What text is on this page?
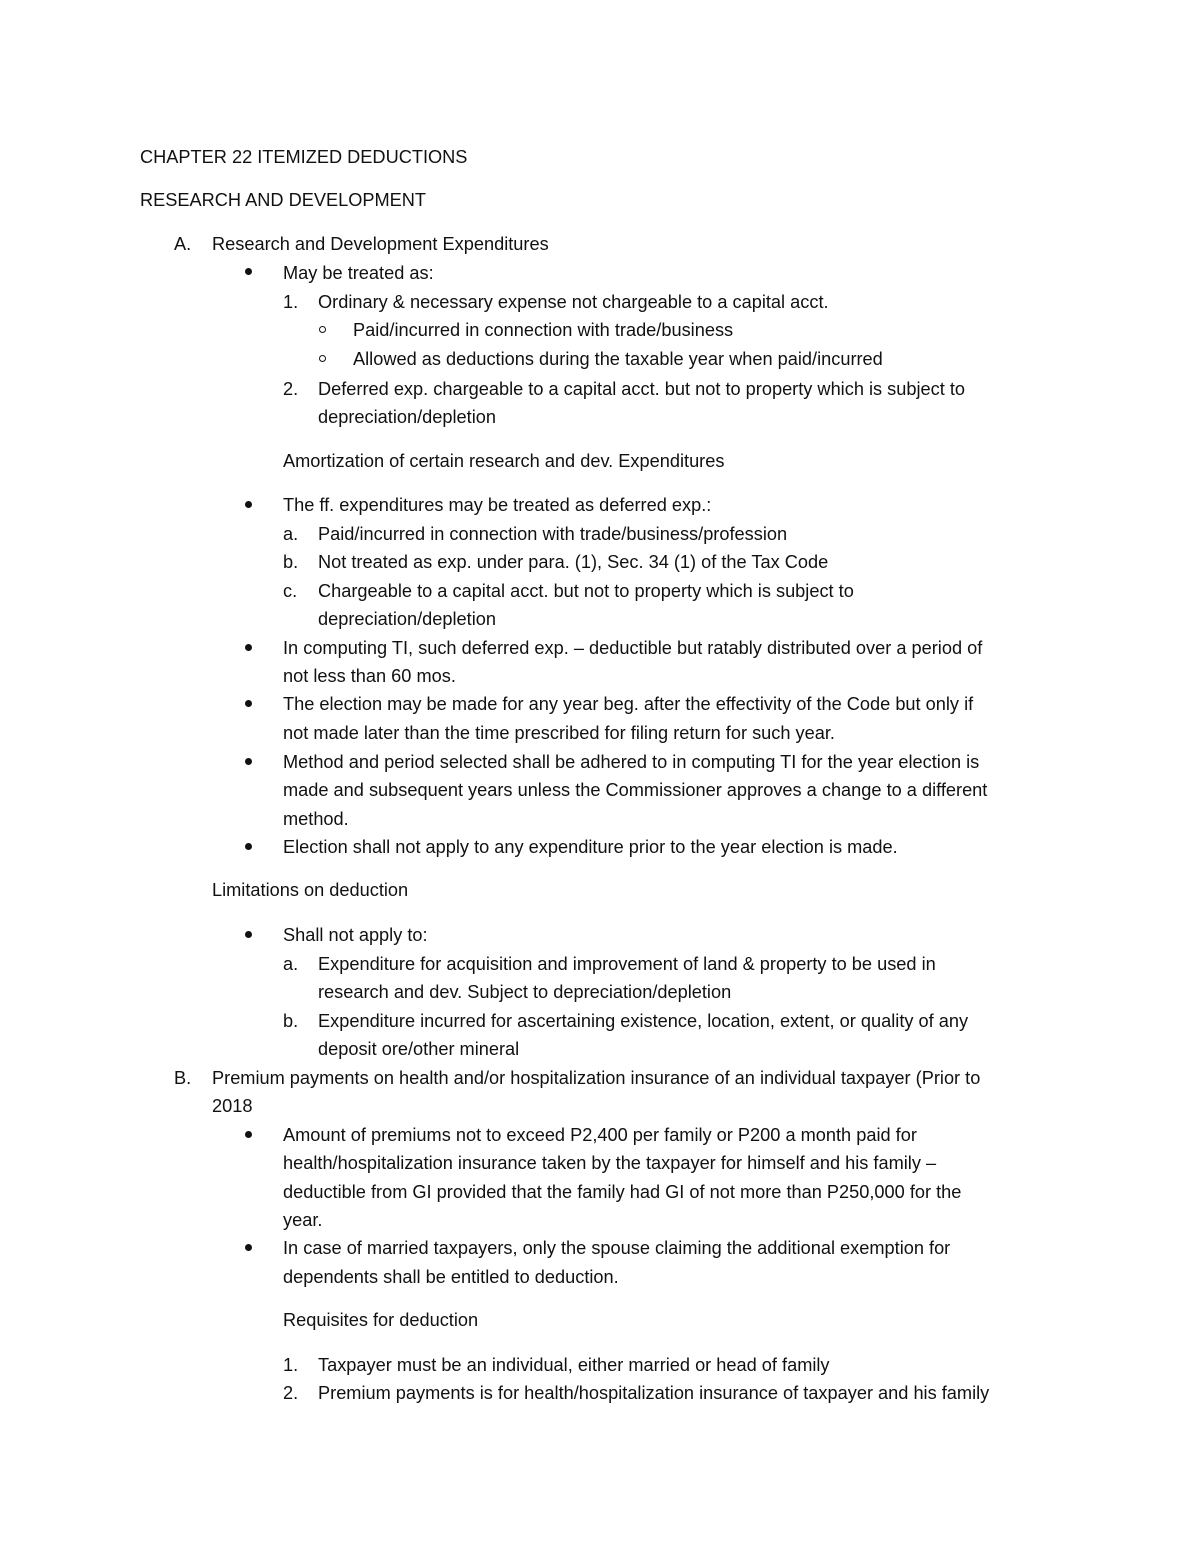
CHAPTER 22 ITEMIZED DEDUCTIONS
RESEARCH AND DEVELOPMENT
A. Research and Development Expenditures
May be treated as:
1. Ordinary & necessary expense not chargeable to a capital acct.
Paid/incurred in connection with trade/business
Allowed as deductions during the taxable year when paid/incurred
2. Deferred exp. chargeable to a capital acct. but not to property which is subject to
depreciation/depletion
Amortization of certain research and dev. Expenditures
The ff. expenditures may be treated as deferred exp.:
a. Paid/incurred in connection with trade/business/profession
b. Not treated as exp. under para. (1), Sec. 34 (1) of the Tax Code
c. Chargeable to a capital acct. but not to property which is subject to
depreciation/depletion
In computing TI, such deferred exp. – deductible but ratably distributed over a period of
not less than 60 mos.
The election may be made for any year beg. after the effectivity of the Code but only if
not made later than the time prescribed for filing return for such year.
Method and period selected shall be adhered to in computing TI for the year election is
made and subsequent years unless the Commissioner approves a change to a different
method.
Election shall not apply to any expenditure prior to the year election is made.
Limitations on deduction
Shall not apply to:
a. Expenditure for acquisition and improvement of land & property to be used in
research and dev. Subject to depreciation/depletion
b. Expenditure incurred for ascertaining existence, location, extent, or quality of any
deposit ore/other mineral
B. Premium payments on health and/or hospitalization insurance of an individual taxpayer (Prior to
2018
Amount of premiums not to exceed P2,400 per family or P200 a month paid for
health/hospitalization insurance taken by the taxpayer for himself and his family –
deductible from GI provided that the family had GI of not more than P250,000 for the
year.
In case of married taxpayers, only the spouse claiming the additional exemption for
dependents shall be entitled to deduction.
Requisites for deduction
1. Taxpayer must be an individual, either married or head of family
2. Premium payments is for health/hospitalization insurance of taxpayer and his family
